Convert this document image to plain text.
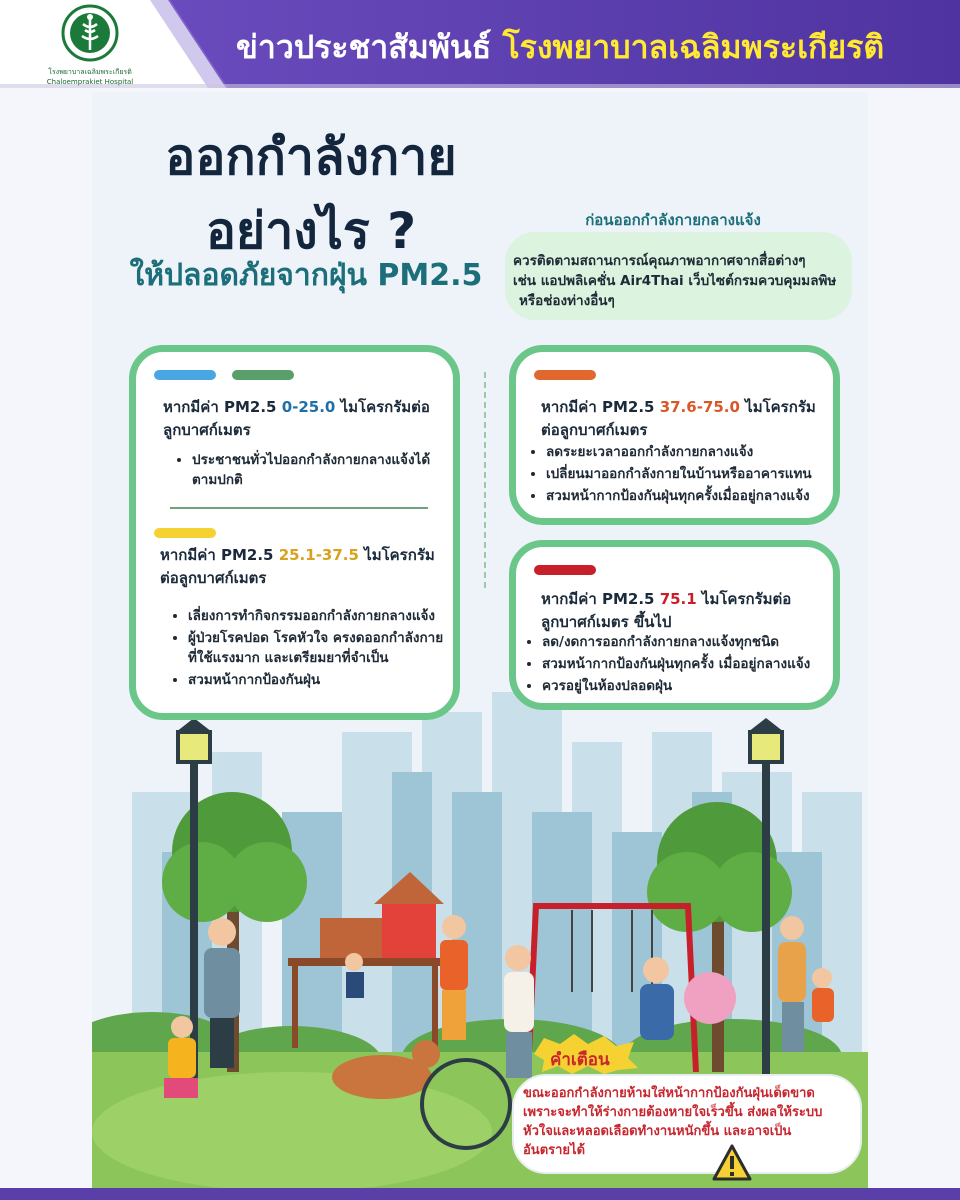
โรงพยาบาลเฉลิมพระเกียรติ
Chaloemprakiet Hospital
ข่าวประชาสัมพันธ์ โรงพยาบาลเฉลิมพระเกียรติ
ออกกำลังกาย
อย่างไร ?
ให้ปลอดภัยจากฝุ่น PM2.5
ก่อนออกกำลังกายกลางแจ้ง
ควรติดตามสถานการณ์คุณภาพอากาศจากสื่อต่างๆ
เช่น แอปพลิเคชั่น Air4Thai เว็บไซต์กรมควบคุมมลพิษ
หรือช่องท่างอื่นๆ
หากมีค่า PM2.5 0-25.0 ไมโครกรัมต่อ
ลูกบาศก์เมตร
• ประชาชนทั่วไปออกกำลังกายกลางแจ้งได้
ตามปกติ
หากมีค่า PM2.5 25.1-37.5 ไมโครกรัม
ต่อลูกบาศก์เมตร
• เลี่ยงการทำกิจกรรมออกกำลังกายกลางแจ้ง
• ผู้ป่วยโรคปอด โรคหัวใจ ครงดออกกำลังกาย
ที่ใช้แรงมาก และเตรียมยาที่จำเป็น
• สวมหน้ากากป้องกันฝุ่น
หากมีค่า PM2.5 37.6-75.0 ไมโครกรัม
ต่อลูกบาศก์เมตร
• ลดระยะเวลาออกกำลังกายกลางแจ้ง
• เปลี่ยนมาออกกำลังกายในบ้านหรืออาคารแทน
• สวมหน้ากากป้องกันฝุ่นทุกครั้งเมื่ออยู่กลางแจ้ง
หากมีค่า PM2.5 75.1 ไมโครกรัมต่อ
ลูกบาศก์เมตร ขึ้นไป
• ลด/งดการออกกำลังกายกลางแจ้งทุกชนิด
• สวมหน้ากากป้องกันฝุ่นทุกครั้ง เมื่ออยู่กลางแจ้ง
• ควรอยู่ในห้องปลอดฝุ่น
คำเตือน
ขณะออกกำลังกายห้ามใส่หน้ากากป้องกันฝุ่นเด็ดขาด
เพราะจะทำให้ร่างกายต้องหายใจเร็วขึ้น ส่งผลให้ระบบ
หัวใจและหลอดเลือดทำงานหนักขึ้น และอาจเป็น
อันตรายได้
